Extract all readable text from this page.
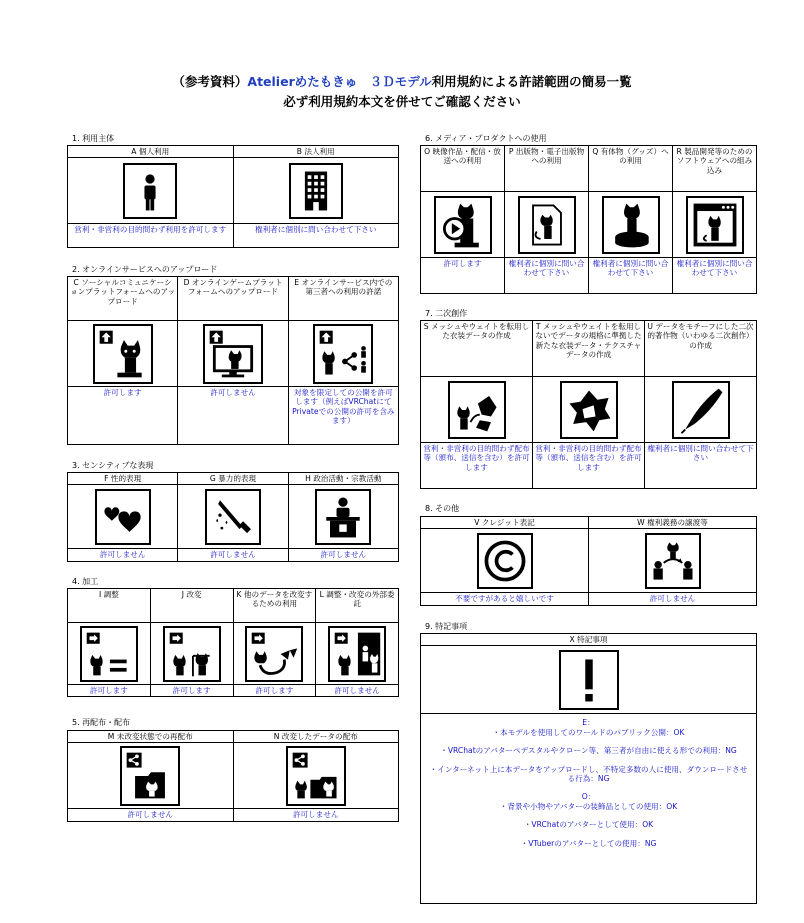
（参考資料）Atelierめたもきゅ　３Ｄモデル利用規約による許諾範囲の簡易一覧
必ず利用規約本文を併せてご確認ください
1. 利用主体
A 個人利用	B 法人利用

営利・非営利の目的問わず利用を許可します	権利者に個別に問い合わせて下さい
2. オンラインサービスへのアップロード
C ソーシャルコミュニケーションプラットフォームへのアップロード	D オンラインゲームプラットフォームへのアップロード	E オンラインサービス内での第三者への利用の許諾

許可します	許可しません	対象を限定しての公開を許可します（例えばVRChatにてPrivateでの公開の許可を含みます）
3. センシティブな表現
F 性的表現	G 暴力的表現	H 政治活動・宗教活動

許可しません	許可しません	許可しません
4. 加工
I 調整	J 改変	K 他のデータを改変するための利用	L 調整・改変の外部委託

許可します	許可します	許可します	許可しません
5. 再配布・配布
M 未改変状態での再配布	N 改変したデータの配布

許可しません	許可しません
6. メディア・プロダクトへの使用
O 映像作品・配信・放送への利用	P 出版物・電子出版物への利用	Q 有体物（グッズ）への利用	R 製品開発等のためのソフトウェアへの組み込み

許可します	権利者に個別に問い合わせて下さい	権利者に個別に問い合わせて下さい	権利者に個別に問い合わせて下さい
7. 二次創作
S メッシュやウェイトを転用した衣装データの作成	T メッシュやウェイトを転用しないでデータの規格に準拠した新たな衣装データ・テクスチャデータの作成	U データをモチーフにした二次的著作物（いわゆる二次創作）の作成

営利・非営利の目的問わず配布等（頒布、送信を含む）を許可します	営利・非営利の目的問わず配布等（頒布、送信を含む）を許可します	権利者に個別に問い合わせて下さい
8. その他
V クレジット表記	W 権利義務の譲渡等

不要ですがあると嬉しいです	許可しません
9. 特記事項
X 特記事項

E：

・本モデルを使用してのワールドのパブリック公開：OK

・VRChatのアバターペデスタルやクローン等、第三者が自由に使える形での利用：NG

・インターネット上に本データをアップロードし、不特定多数の人に使用、ダウンロードさせる行為：NG

O：

・背景や小物やアバターの装飾品としての使用：OK

・VRChatのアバターとして使用：OK

・VTuberのアバターとしての使用：NG
